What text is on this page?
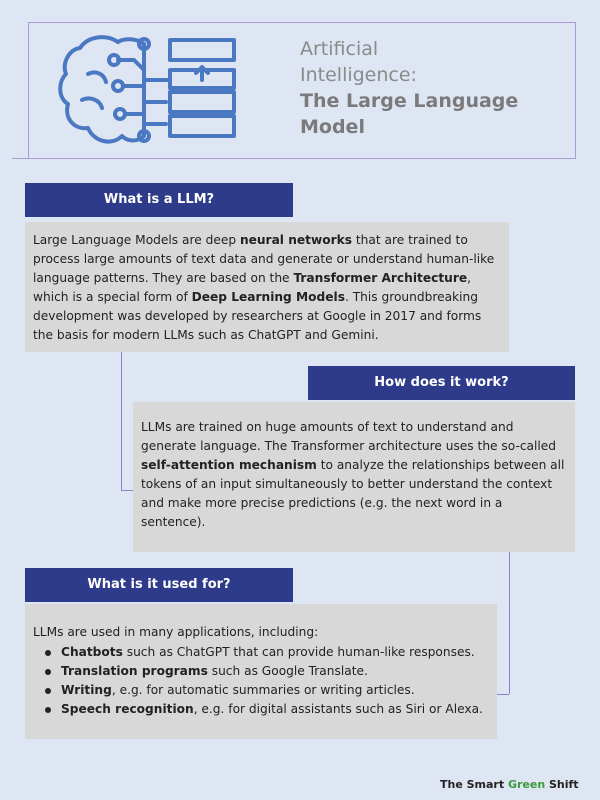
Artificial
Intelligence:
The Large Language
Model
What is a LLM?
Large Language Models are deep neural networks that are trained to process large amounts of text data and generate or understand human-like language patterns. They are based on the Transformer Architecture, which is a special form of Deep Learning Models. This groundbreaking development was developed by researchers at Google in 2017 and forms the basis for modern LLMs such as ChatGPT and Gemini.
How does it work?
LLMs are trained on huge amounts of text to understand and generate language. The Transformer architecture uses the so-called self-attention mechanism to analyze the relationships between all tokens of an input simultaneously to better understand the context and make more precise predictions (e.g. the next word in a sentence).
What is it used for?
LLMs are used in many applications, including:
Chatbots such as ChatGPT that can provide human-like responses.
Translation programs such as Google Translate.
Writing, e.g. for automatic summaries or writing articles.
Speech recognition, e.g. for digital assistants such as Siri or Alexa.
The Smart Green Shift
